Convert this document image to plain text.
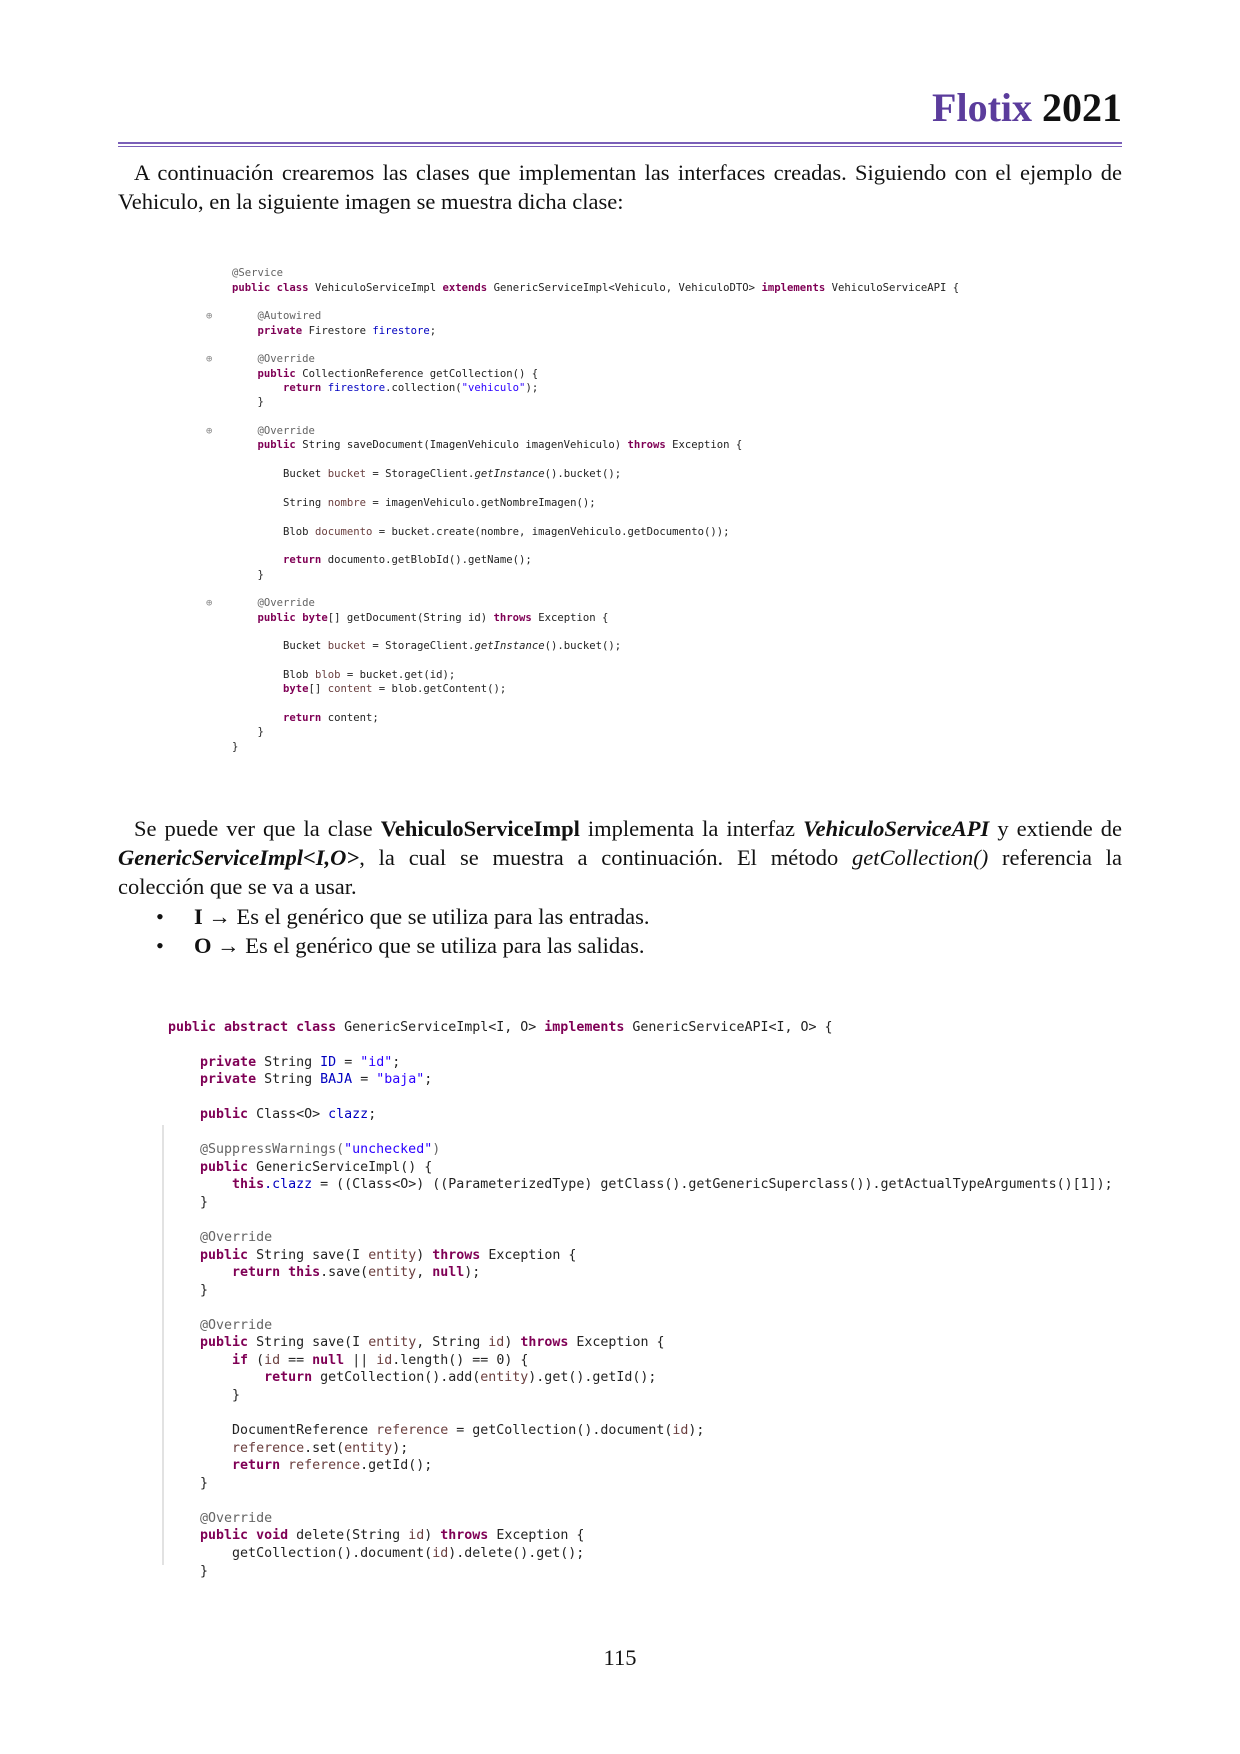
Flotix 2021

A continuación crearemos las clases que implementan las interfaces creadas. Siguiendo con el ejemplo de Vehiculo, en la siguiente imagen se muestra dicha clase:

@Service
public class VehiculoServiceImpl extends GenericServiceImpl<Vehiculo, VehiculoDTO> implements VehiculoServiceAPI {

⊕	@Autowired
private Firestore firestore;

⊕	@Override
public CollectionReference getCollection() {
return firestore.collection("vehiculo");
}

⊕	@Override
public String saveDocument(ImagenVehiculo imagenVehiculo) throws Exception {

Bucket bucket = StorageClient.getInstance().bucket();

String nombre = imagenVehiculo.getNombreImagen();

Blob documento = bucket.create(nombre, imagenVehiculo.getDocumento());

return documento.getBlobId().getName();
}

⊕	@Override
public byte[] getDocument(String id) throws Exception {

Bucket bucket = StorageClient.getInstance().bucket();

Blob blob = bucket.get(id);
byte[] content = blob.getContent();

return content;
}
}

Se puede ver que la clase VehiculoServiceImpl implementa la interfaz VehiculoServiceAPI y extiende de GenericServiceImpl<I,O>, la cual se muestra a continuación. El método getCollection() referencia la colección que se va a usar.

• I → Es el genérico que se utiliza para las entradas.
• O → Es el genérico que se utiliza para las salidas.

public abstract class GenericServiceImpl<I, O> implements GenericServiceAPI<I, O> {

private String ID = "id";
private String BAJA = "baja";

public Class<O> clazz;

@SuppressWarnings("unchecked")
public GenericServiceImpl() {
this.clazz = ((Class<O>) ((ParameterizedType) getClass().getGenericSuperclass()).getActualTypeArguments()[1]);
}

@Override
public String save(I entity) throws Exception {
return this.save(entity, null);
}

@Override
public String save(I entity, String id) throws Exception {
if (id == null || id.length() == 0) {
return getCollection().add(entity).get().getId();
}

DocumentReference reference = getCollection().document(id);
reference.set(entity);
return reference.getId();
}

@Override
public void delete(String id) throws Exception {
getCollection().document(id).delete().get();
}

115
